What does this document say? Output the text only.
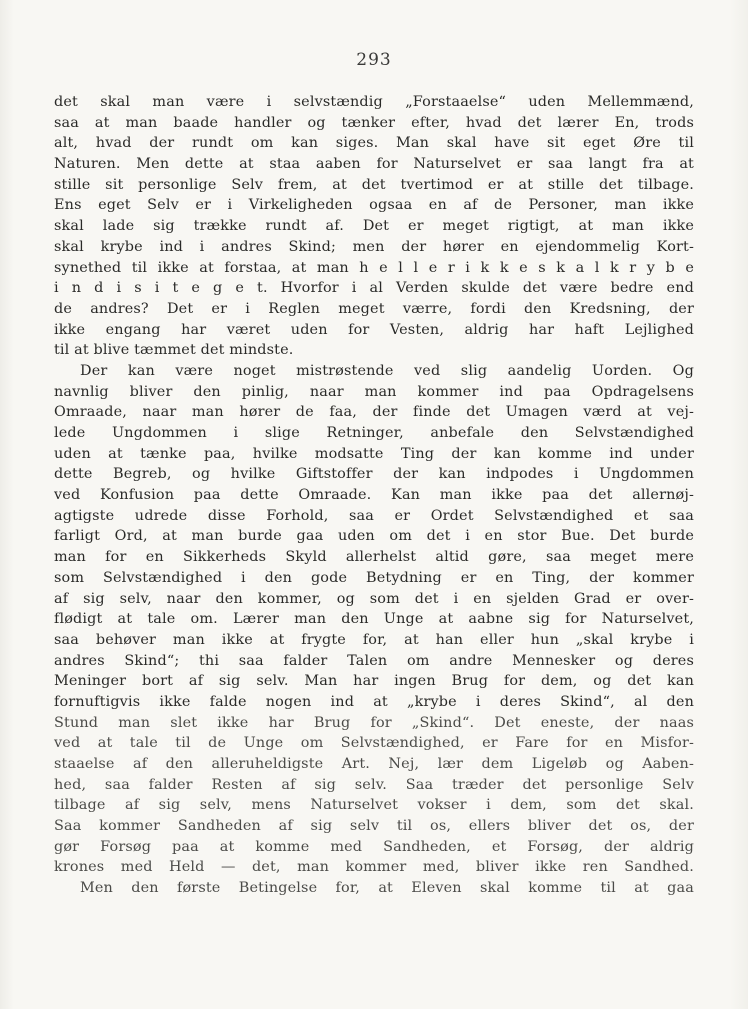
293
det skal man være i selvstændig „Forstaaelse“ uden Mellemmænd,
saa at man baade handler og tænker efter, hvad det lærer En, trods
alt, hvad der rundt om kan siges. Man skal have sit eget Øre til
Naturen. Men dette at staa aaben for Naturselvet er saa langt fra at
stille sit personlige Selv frem, at det tvertimod er at stille det tilbage.
Ens eget Selv er i Virkeligheden ogsaa en af de Personer, man ikke
skal lade sig trække rundt af. Det er meget rigtigt, at man ikke
skal krybe ind i andres Skind; men der hører en ejendommelig Kort-
synethed til ikke at forstaa, at man h e l l e r i k k e s k a l k r y b e
i n d i s i t e g e t. Hvorfor i al Verden skulde det være bedre end
de andres? Det er i Reglen meget værre, fordi den Kredsning, der
ikke engang har været uden for Vesten, aldrig har haft Lejlighed
til at blive tæmmet det mindste.
Der kan være noget mistrøstende ved slig aandelig Uorden. Og
navnlig bliver den pinlig, naar man kommer ind paa Opdragelsens
Omraade, naar man hører de faa, der finde det Umagen værd at vej-
lede Ungdommen i slige Retninger, anbefale den Selvstændighed
uden at tænke paa, hvilke modsatte Ting der kan komme ind under
dette Begreb, og hvilke Giftstoffer der kan indpodes i Ungdommen
ved Konfusion paa dette Omraade. Kan man ikke paa det allernøj-
agtigste udrede disse Forhold, saa er Ordet Selvstændighed et saa
farligt Ord, at man burde gaa uden om det i en stor Bue. Det burde
man for en Sikkerheds Skyld allerhelst altid gøre, saa meget mere
som Selvstændighed i den gode Betydning er en Ting, der kommer
af sig selv, naar den kommer, og som det i en sjelden Grad er over-
flødigt at tale om. Lærer man den Unge at aabne sig for Naturselvet,
saa behøver man ikke at frygte for, at han eller hun „skal krybe i
andres Skind“; thi saa falder Talen om andre Mennesker og deres
Meninger bort af sig selv. Man har ingen Brug for dem, og det kan
fornuftigvis ikke falde nogen ind at „krybe i deres Skind“, al den
Stund man slet ikke har Brug for „Skind“. Det eneste, der naas
ved at tale til de Unge om Selvstændighed, er Fare for en Misfor-
staaelse af den alleruheldigste Art. Nej, lær dem Ligeløb og Aaben-
hed, saa falder Resten af sig selv. Saa træder det personlige Selv
tilbage af sig selv, mens Naturselvet vokser i dem, som det skal.
Saa kommer Sandheden af sig selv til os, ellers bliver det os, der
gør Forsøg paa at komme med Sandheden, et Forsøg, der aldrig
krones med Held — det, man kommer med, bliver ikke ren Sandhed.
Men den første Betingelse for, at Eleven skal komme til at gaa
